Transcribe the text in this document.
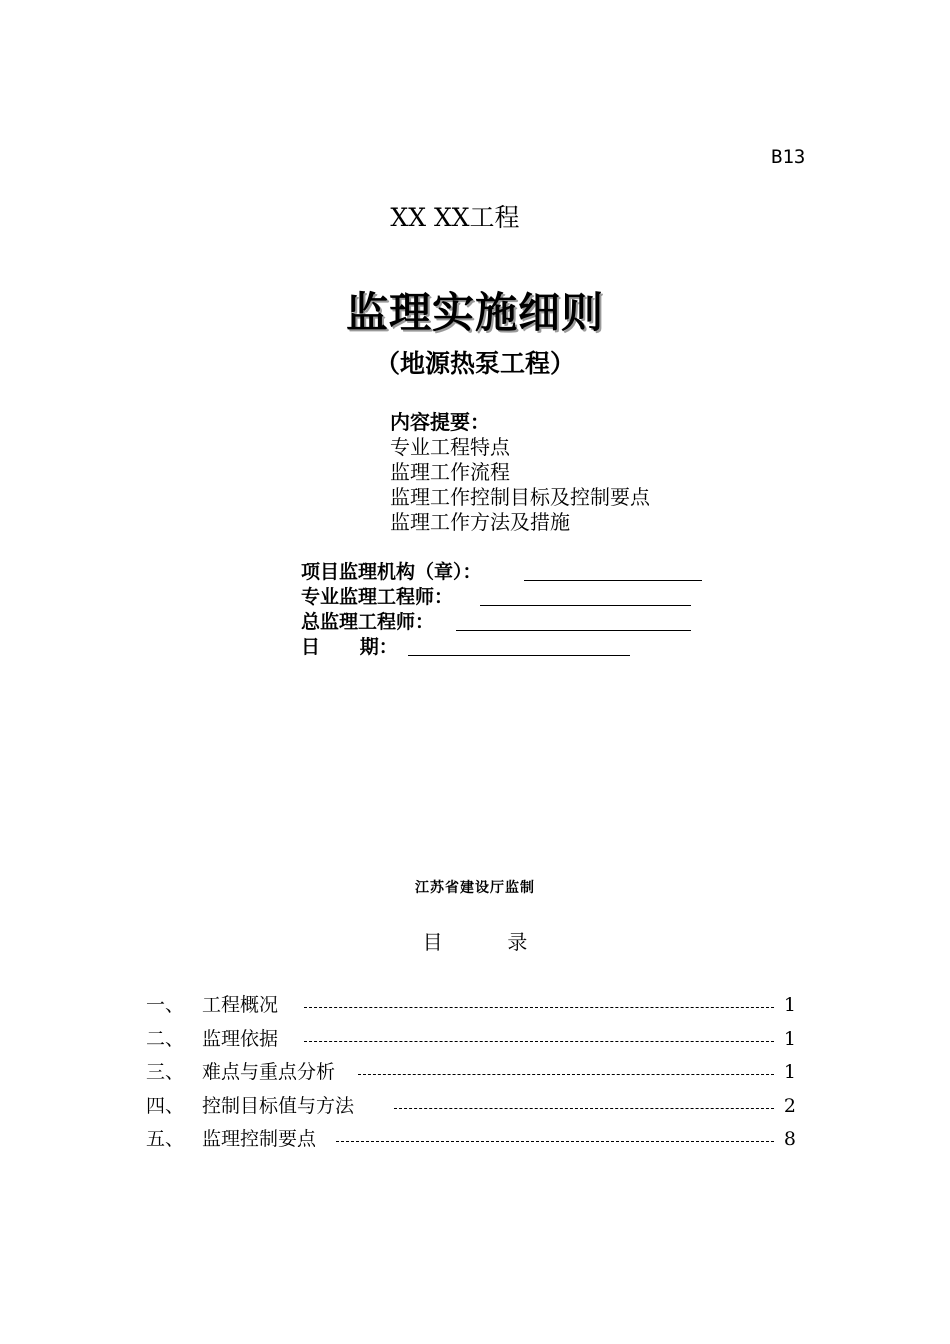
B13
XX XX工程
监理实施细则
（地源热泵工程）
内容提要：
专业工程特点
监理工作流程
监理工作控制目标及控制要点
监理工作方法及措施
项目监理机构（章）：
专业监理工程师：
总监理工程师：
日      期：
江苏省建设厅监制
目	录
一、 工程概况	1
二、 监理依据	1
三、 难点与重点分析	1
四、 控制目标值与方法	2
五、 监理控制要点	8
